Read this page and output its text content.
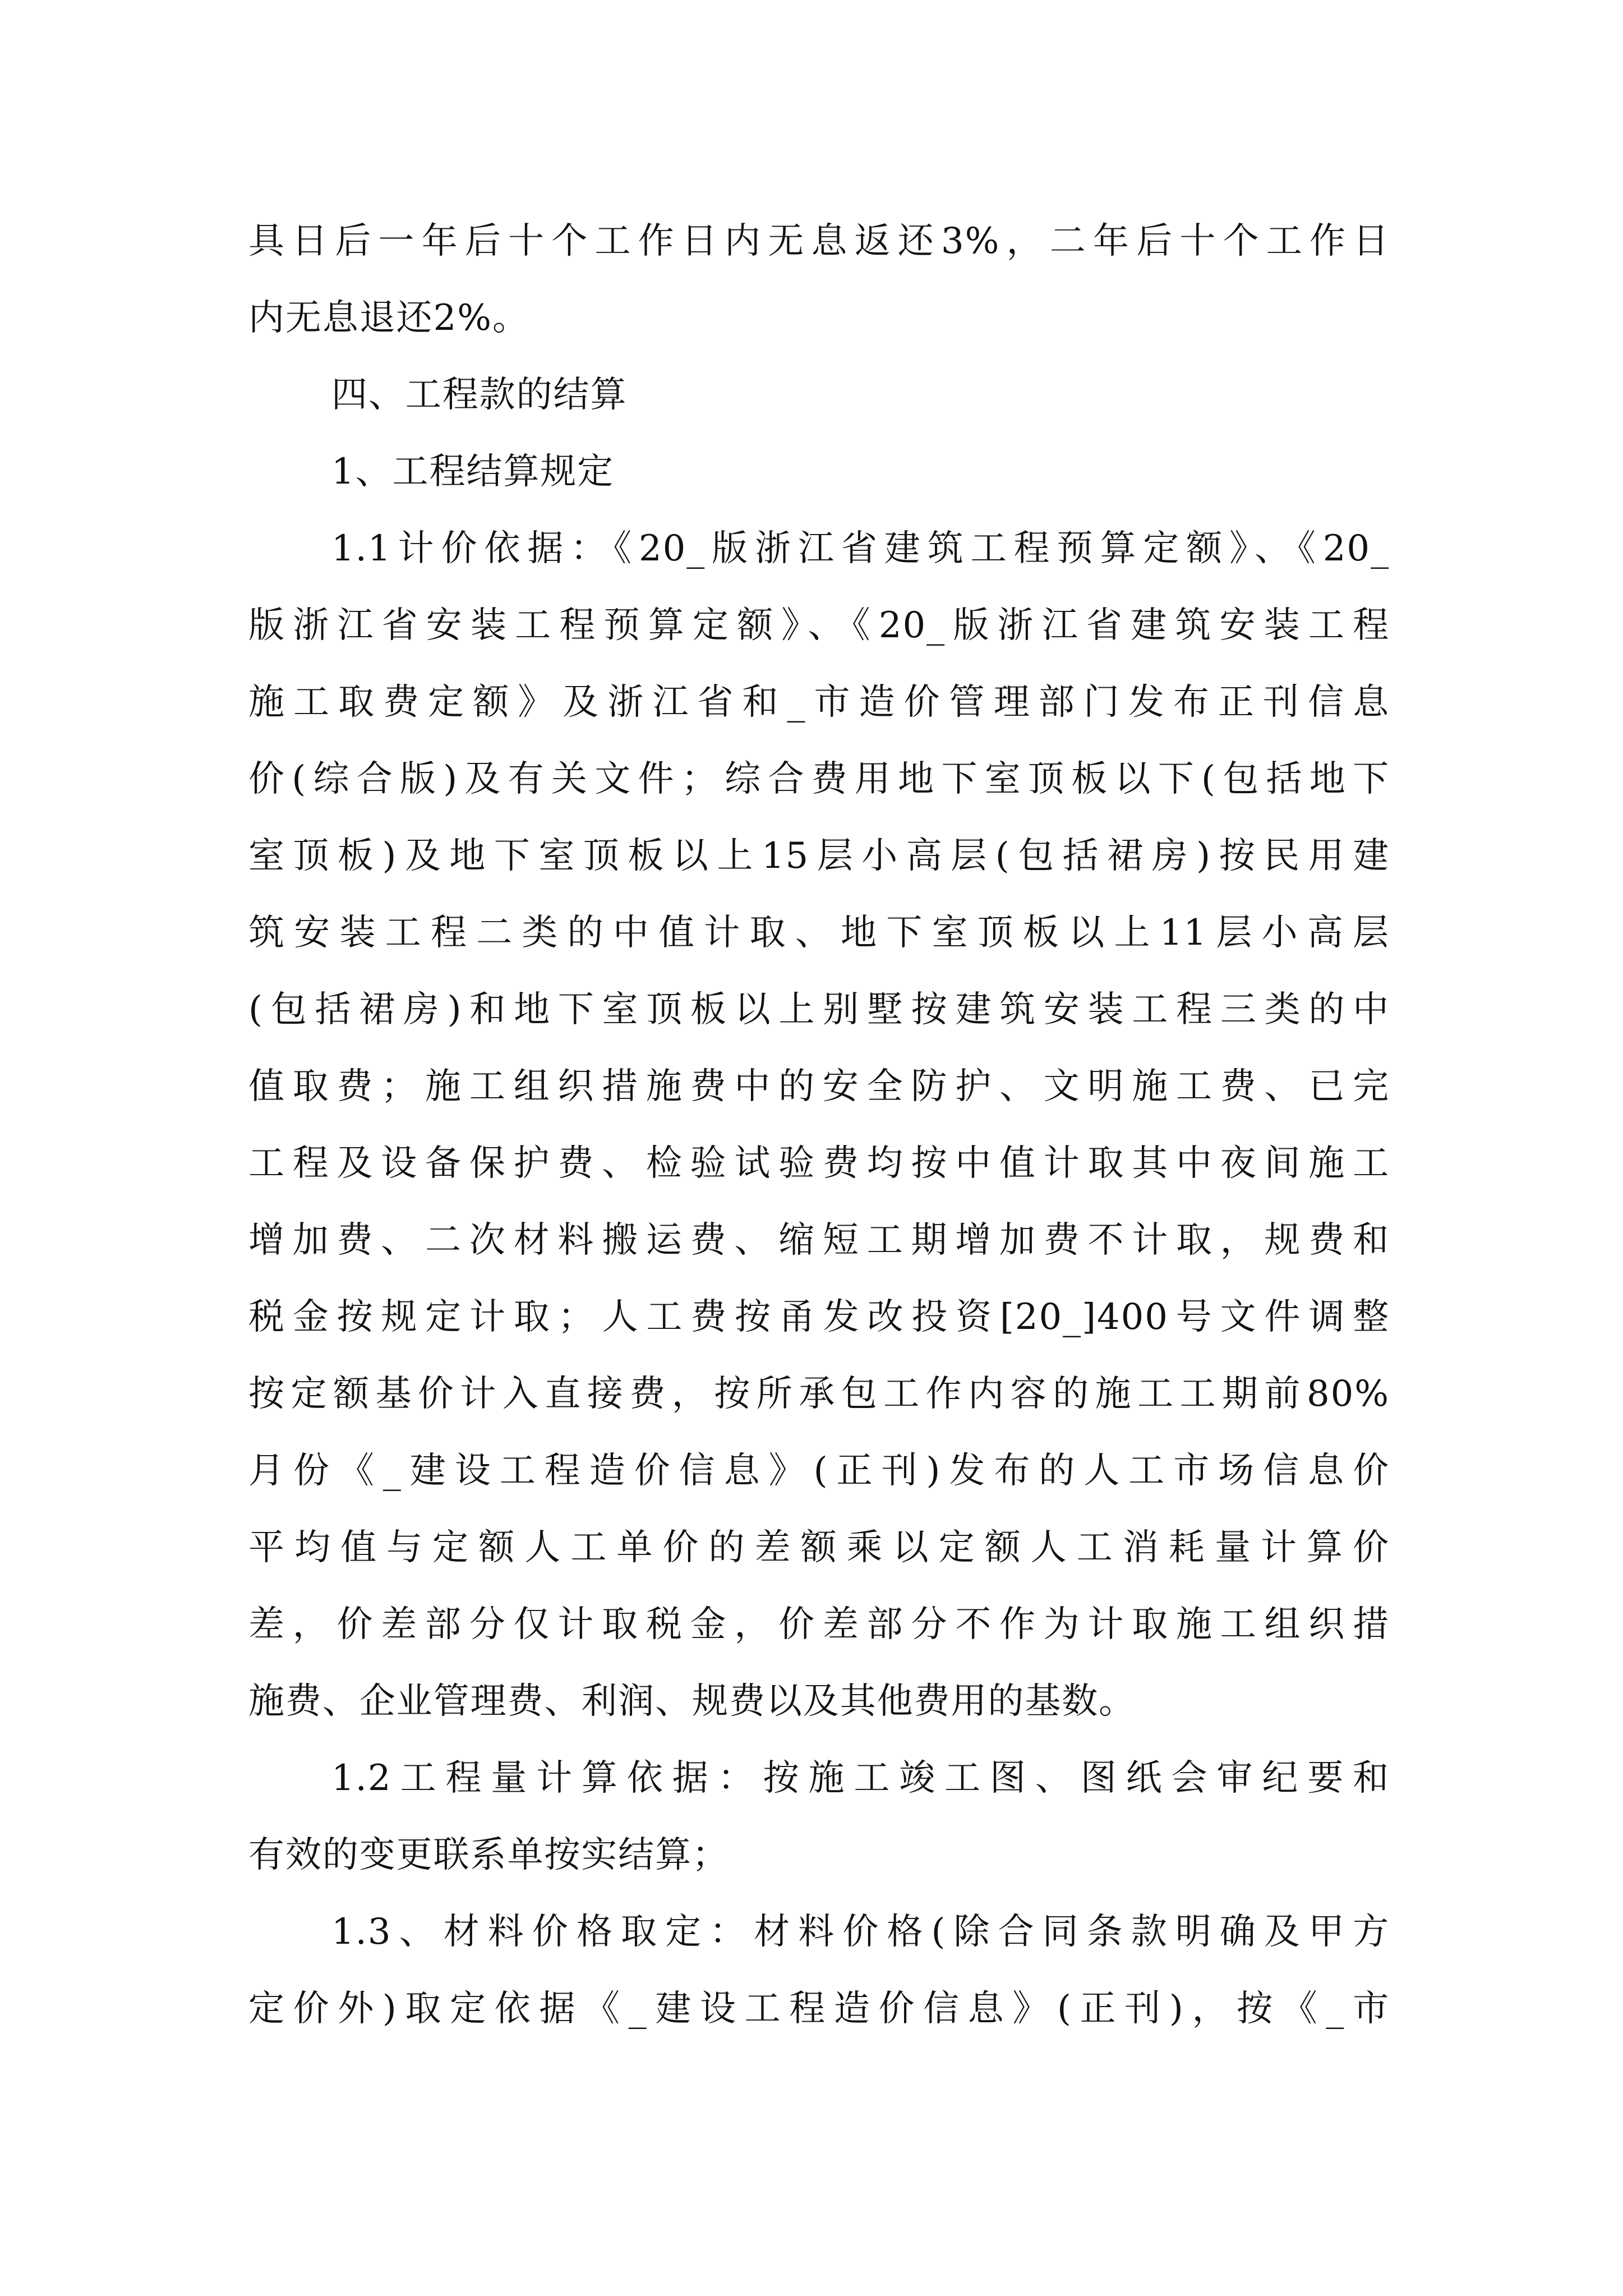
具日后一年后十个工作日内无息返还3%，二年后十个工作日
内无息退还2%。
四、工程款的结算
1、工程结算规定
1.1计价依据：《20_版浙江省建筑工程预算定额》、《20_
版浙江省安装工程预算定额》、《20_版浙江省建筑安装工程
施工取费定额》及浙江省和_市造价管理部门发布正刊信息
价(综合版)及有关文件；综合费用地下室顶板以下(包括地下
室顶板)及地下室顶板以上15层小高层(包括裙房)按民用建
筑安装工程二类的中值计取、地下室顶板以上11层小高层
(包括裙房)和地下室顶板以上别墅按建筑安装工程三类的中
值取费；施工组织措施费中的安全防护、文明施工费、已完
工程及设备保护费、检验试验费均按中值计取其中夜间施工
增加费、二次材料搬运费、缩短工期增加费不计取，规费和
税金按规定计取；人工费按甬发改投资[20_]400号文件调整
按定额基价计入直接费，按所承包工作内容的施工工期前80%
月份《_建设工程造价信息》(正刊)发布的人工市场信息价
平均值与定额人工单价的差额乘以定额人工消耗量计算价
差，价差部分仅计取税金，价差部分不作为计取施工组织措
施费、企业管理费、利润、规费以及其他费用的基数。
1.2工程量计算依据：按施工竣工图、图纸会审纪要和
有效的变更联系单按实结算；
1.3、材料价格取定：材料价格(除合同条款明确及甲方
定价外)取定依据《_建设工程造价信息》(正刊)，按《_市
